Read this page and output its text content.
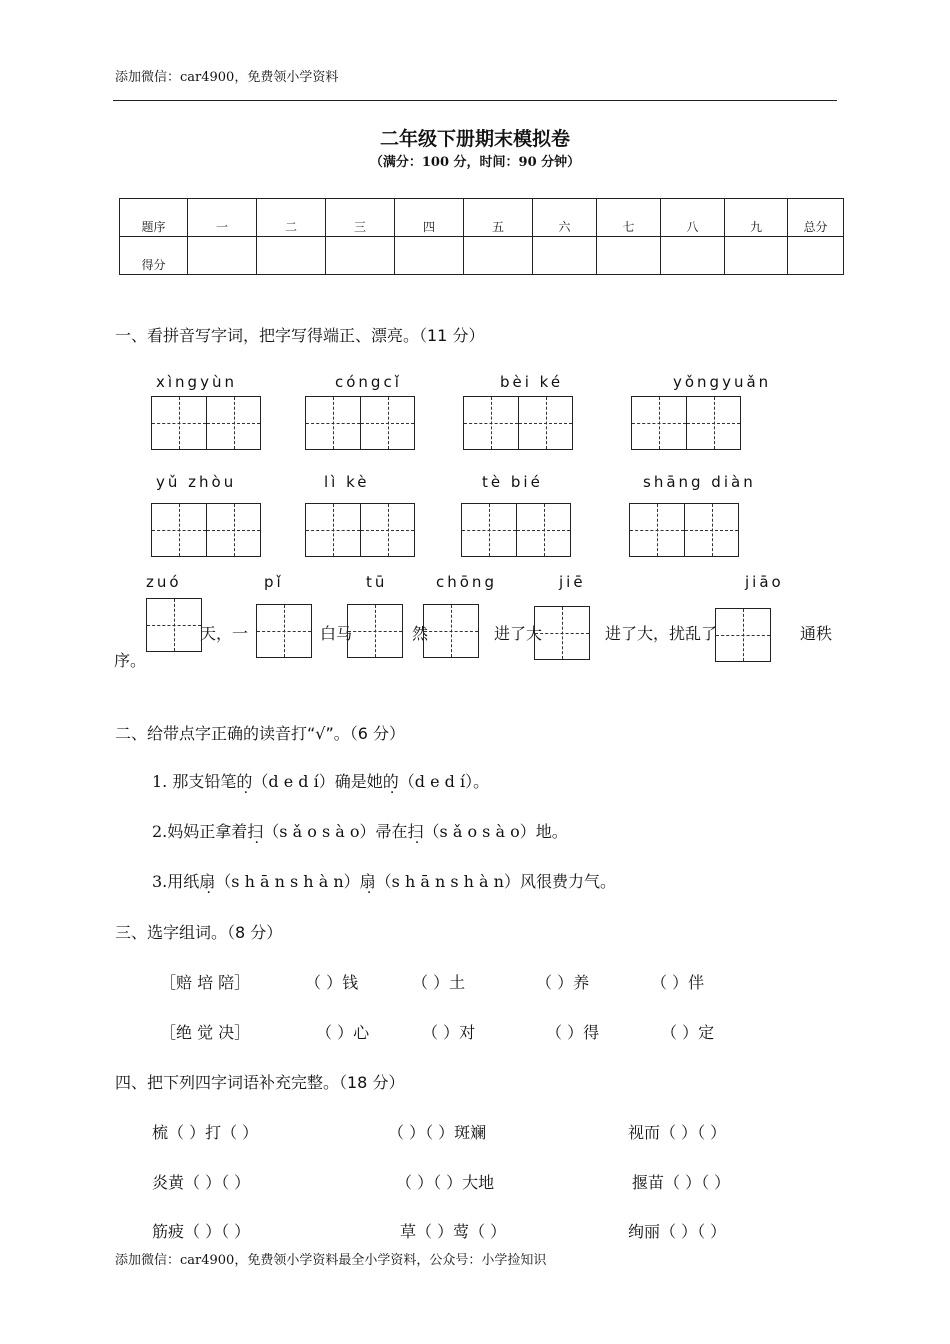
添加微信：car4900，免费领小学资料
二年级下册期末模拟卷
（满分：100 分，时间：90 分钟）
题序	一	二	三	四	五	六	七	八	九	总分
得分										
一、看拼音写字词，把字写得端正、漂亮。（11 分）
xìngyùn	cóngcǐ	bèi ké	yǒngyuǎn
yǔ zhòu	lì kè	tè bié	shāng diàn
zuó	pǐ	tū	chōng	jiē	jiāo
天，一	白马	然	进了大	进了大，扰乱了	通秩
序。
二、给带点字正确的读音打“√”。（6 分）
1. 那支铅笔的（d e d í）确是她的（d e d í）。
2.妈妈正拿着扫（s ǎ o s à o）帚在扫（s ǎ o s à o）地。
3.用纸扇（s h ā n s h à n）扇（s h ā n s h à n）风很费力气。
三、选字组词。（8 分）
［赔 培 陪］	（ ）钱	（ ）土	（ ）养	（ ）伴
［绝 觉 决］	（ ）心	（ ）对	（ ）得	（ ）定
四、把下列四字词语补充完整。（18 分）
梳（ ）打（ ）	（ ）（ ）斑斓	视而（ ）（ ）
炎黄（ ）（ ）	（ ）（ ）大地	揠苗（ ）（ ）
筋疲（ ）（ ）	草（ ）莺（ ）	绚丽（ ）（ ）
添加微信：car4900，免费领小学资料最全小学资料，公众号：小学捡知识
